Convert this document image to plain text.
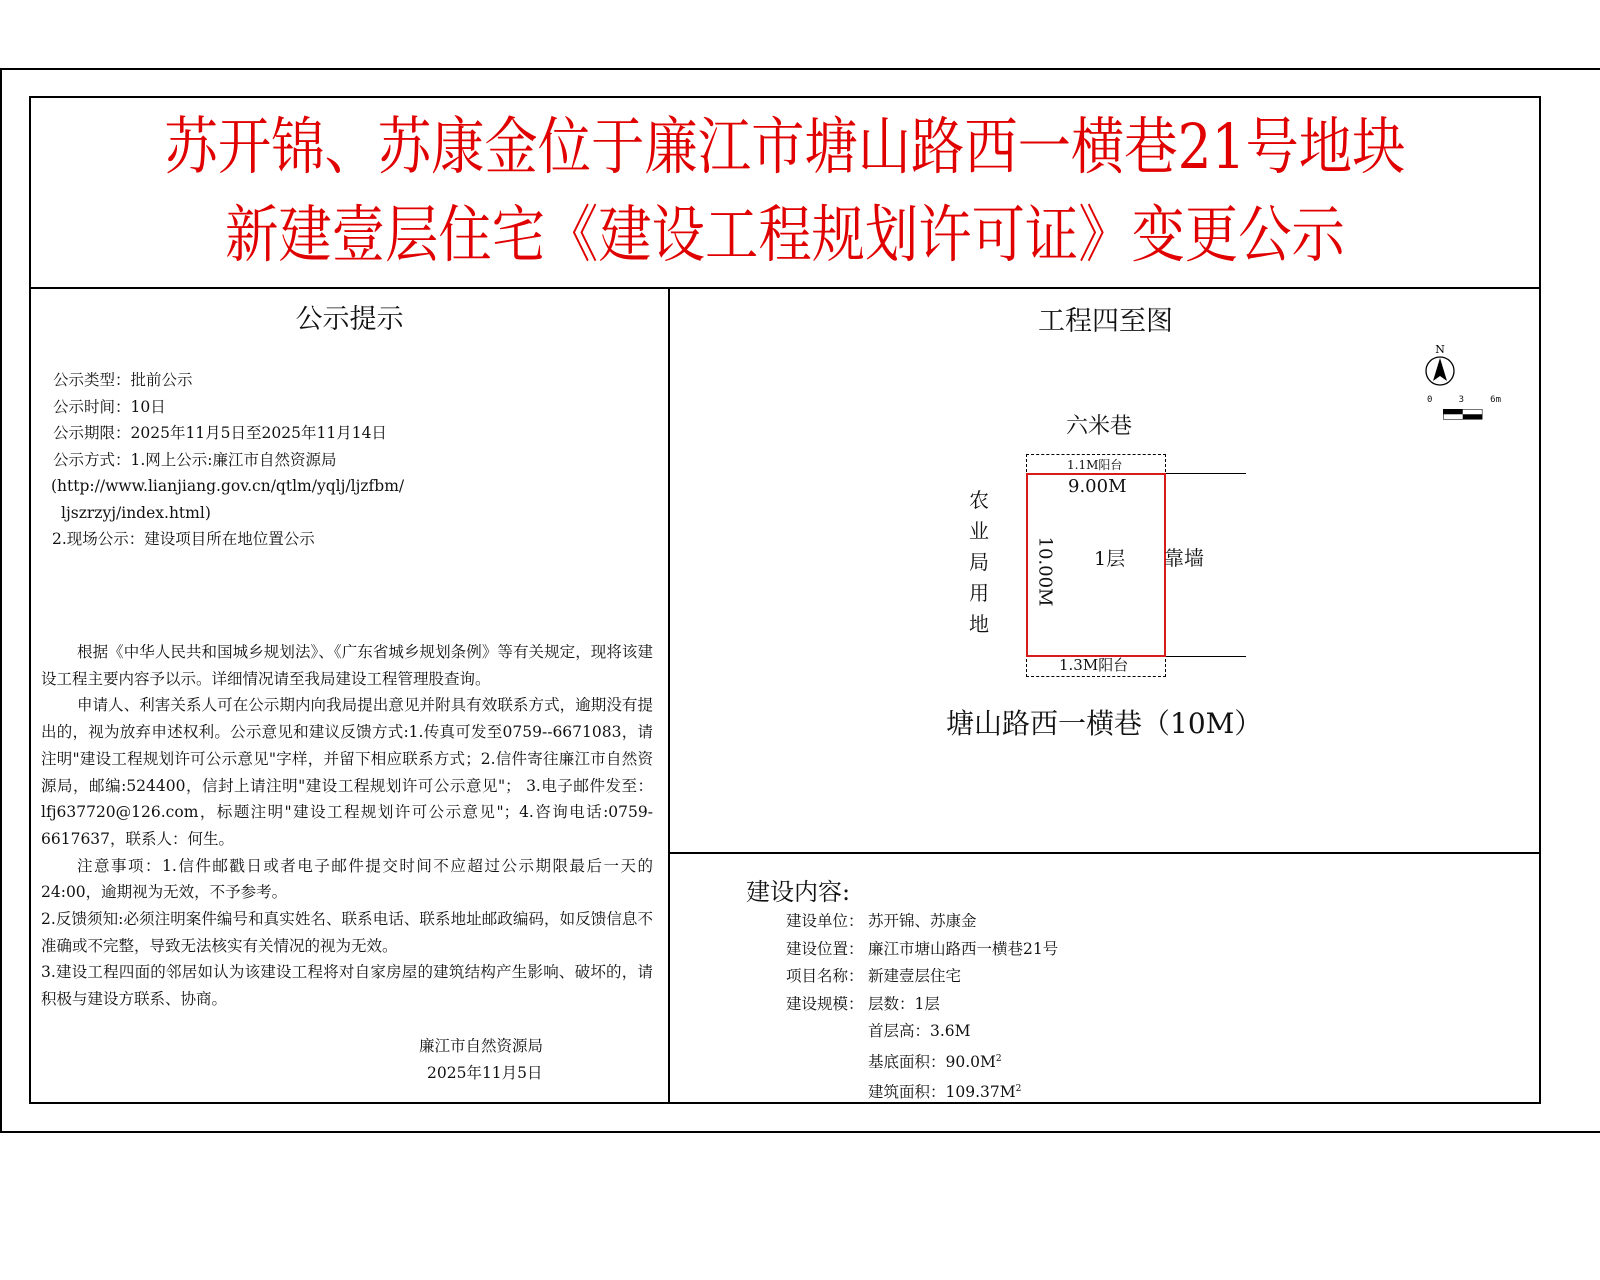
苏开锦、苏康金位于廉江市塘山路西一横巷21号地块
新建壹层住宅《建设工程规划许可证》变更公示
公示提示
公示类型：批前公示
公示时间：10日
公示期限：2025年11月5日至2025年11月14日
公示方式：1.网上公示:廉江市自然资源局
(http://www.lianjiang.gov.cn/qtlm/yqlj/ljzfbm/
ljszrzyj/index.html)
2.现场公示：建设项目所在地位置公示

根据《中华人民共和国城乡规划法》、《广东省城乡规划条例》等有关规定，现将该建设工程主要内容予以示。详细情况请至我局建设工程管理股查询。

申请人、利害关系人可在公示期内向我局提出意见并附具有效联系方式，逾期没有提出的，视为放弃申述权利。公示意见和建议反馈方式:1.传真可发至0759--6671083，请注明"建设工程规划许可公示意见"字样，并留下相应联系方式；2.信件寄往廉江市自然资源局，邮编:524400，信封上请注明"建设工程规划许可公示意见"； 3.电子邮件发至：lfj637720@126.com，标题注明"建设工程规划许可公示意见"；4.咨询电话:0759-6617637，联系人：何生。

注意事项：1.信件邮戳日或者电子邮件提交时间不应超过公示期限最后一天的24:00，逾期视为无效，不予参考。

2.反馈须知:必须注明案件编号和真实姓名、联系电话、联系地址邮政编码，如反馈信息不准确或不完整，导致无法核实有关情况的视为无效。

3.建设工程四面的邻居如认为该建设工程将对自家房屋的建筑结构产生影响、破坏的，请积极与建设方联系、协商。

廉江市自然资源局
2025年11月5日
工程四至图
N
0	3	6m
六米巷
1.1M阳台
9.00M
10.00M 1层
1.3M阳台
农
业
局
用
地
靠墙
塘山路西一横巷（10M）
建设内容:
建设单位： 苏开锦、苏康金
建设位置： 廉江市塘山路西一横巷21号
项目名称： 新建壹层住宅
建设规模： 层数：1层
首层高：3.6M
基底面积：$90.0M^2$
建筑面积：$109.37M^2$
